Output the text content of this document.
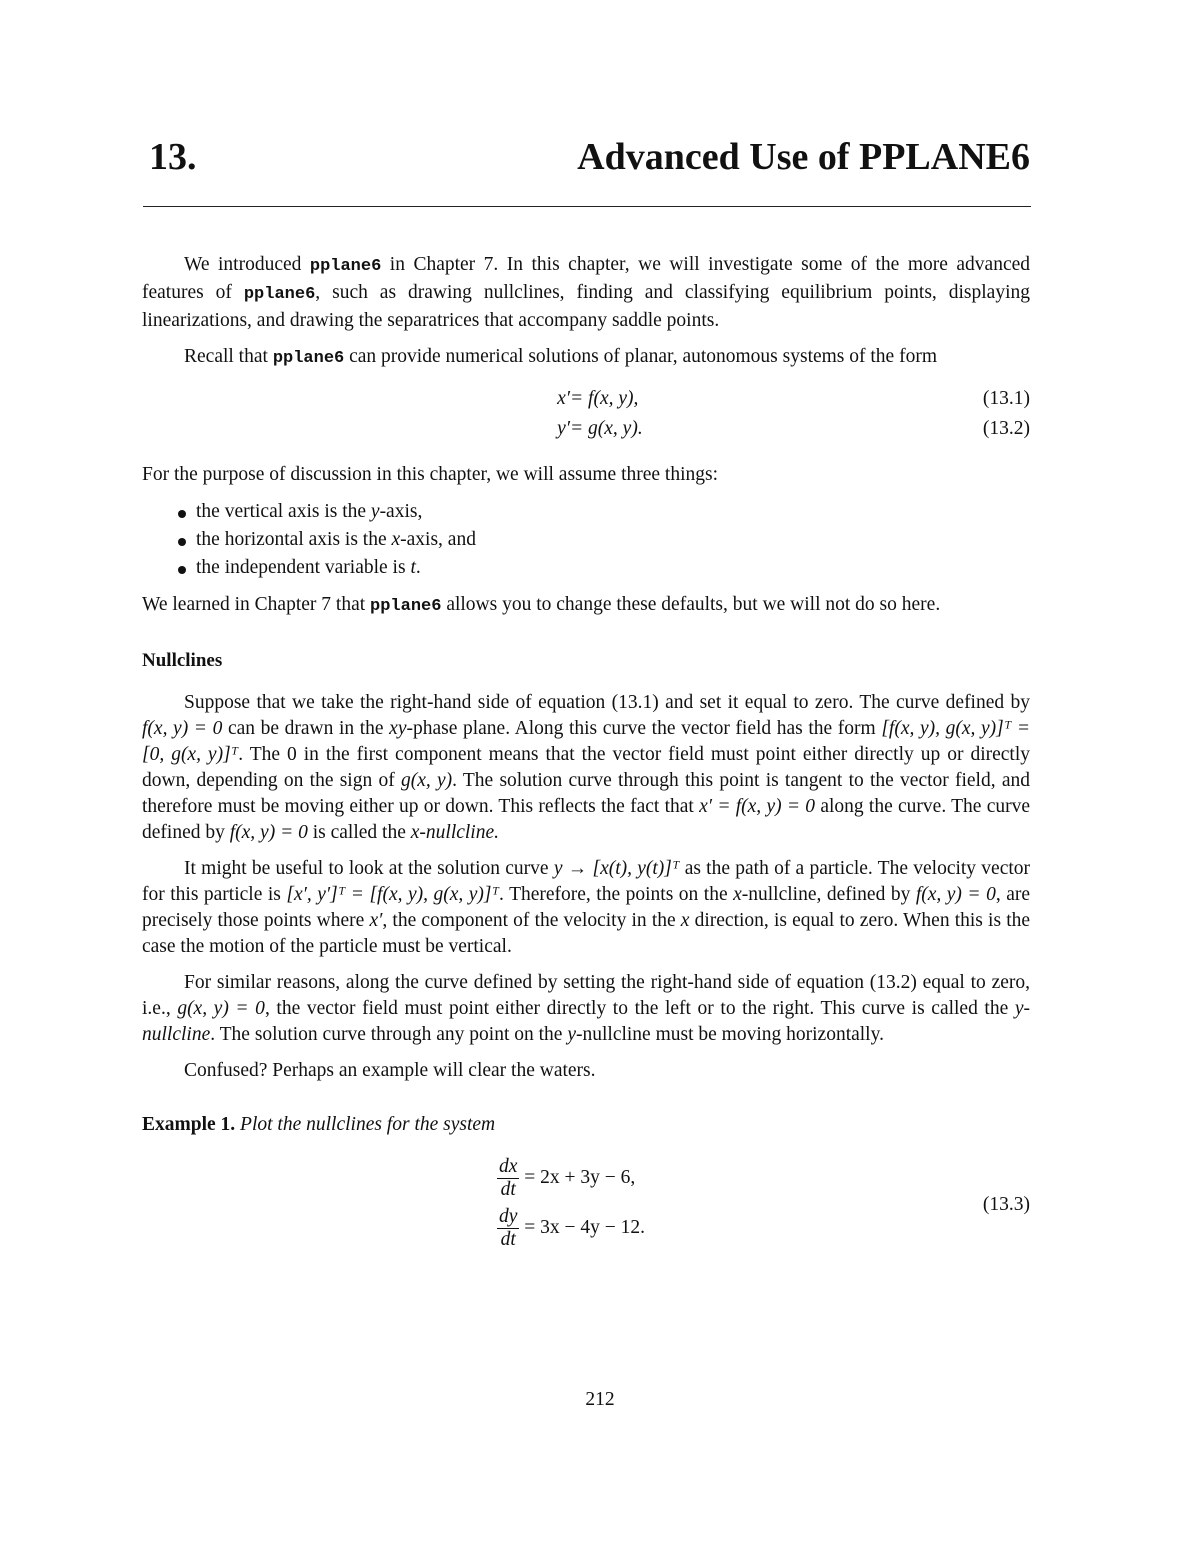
13.	Advanced Use of PPLANE6

We introduced pplane6 in Chapter 7. In this chapter, we will investigate some of the more advanced features of pplane6, such as drawing nullclines, finding and classifying equilibrium points, displaying linearizations, and drawing the separatrices that accompany saddle points.

Recall that pplane6 can provide numerical solutions of planar, autonomous systems of the form

x′ = f(x, y),	(13.1)
y′ = g(x, y).	(13.2)

For the purpose of discussion in this chapter, we will assume three things:

the vertical axis is the y-axis,
the horizontal axis is the x-axis, and
the independent variable is t.

We learned in Chapter 7 that pplane6 allows you to change these defaults, but we will not do so here.

Nullclines

Suppose that we take the right-hand side of equation (13.1) and set it equal to zero. The curve defined by f(x, y) = 0 can be drawn in the xy-phase plane. Along this curve the vector field has the form [f(x, y), g(x, y)]ᵀ = [0, g(x, y)]ᵀ. The 0 in the first component means that the vector field must point either directly up or directly down, depending on the sign of g(x, y). The solution curve through this point is tangent to the vector field, and therefore must be moving either up or down. This reflects the fact that x′ = f(x, y) = 0 along the curve. The curve defined by f(x, y) = 0 is called the x-nullcline.

It might be useful to look at the solution curve y → [x(t), y(t)]ᵀ as the path of a particle. The velocity vector for this particle is [x′, y′]ᵀ = [f(x, y), g(x, y)]ᵀ. Therefore, the points on the x-nullcline, defined by f(x, y) = 0, are precisely those points where x′, the component of the velocity in the x direction, is equal to zero. When this is the case the motion of the particle must be vertical.

For similar reasons, along the curve defined by setting the right-hand side of equation (13.2) equal to zero, i.e., g(x, y) = 0, the vector field must point either directly to the left or to the right. This curve is called the y-nullcline. The solution curve through any point on the y-nullcline must be moving horizontally.

Confused? Perhaps an example will clear the waters.

Example 1. Plot the nullclines for the system

$\frac{dx}{dt} = 2x + 3y - 6$,
$\frac{dy}{dt} = 3x - 4y - 12$.
(13.3)
212
